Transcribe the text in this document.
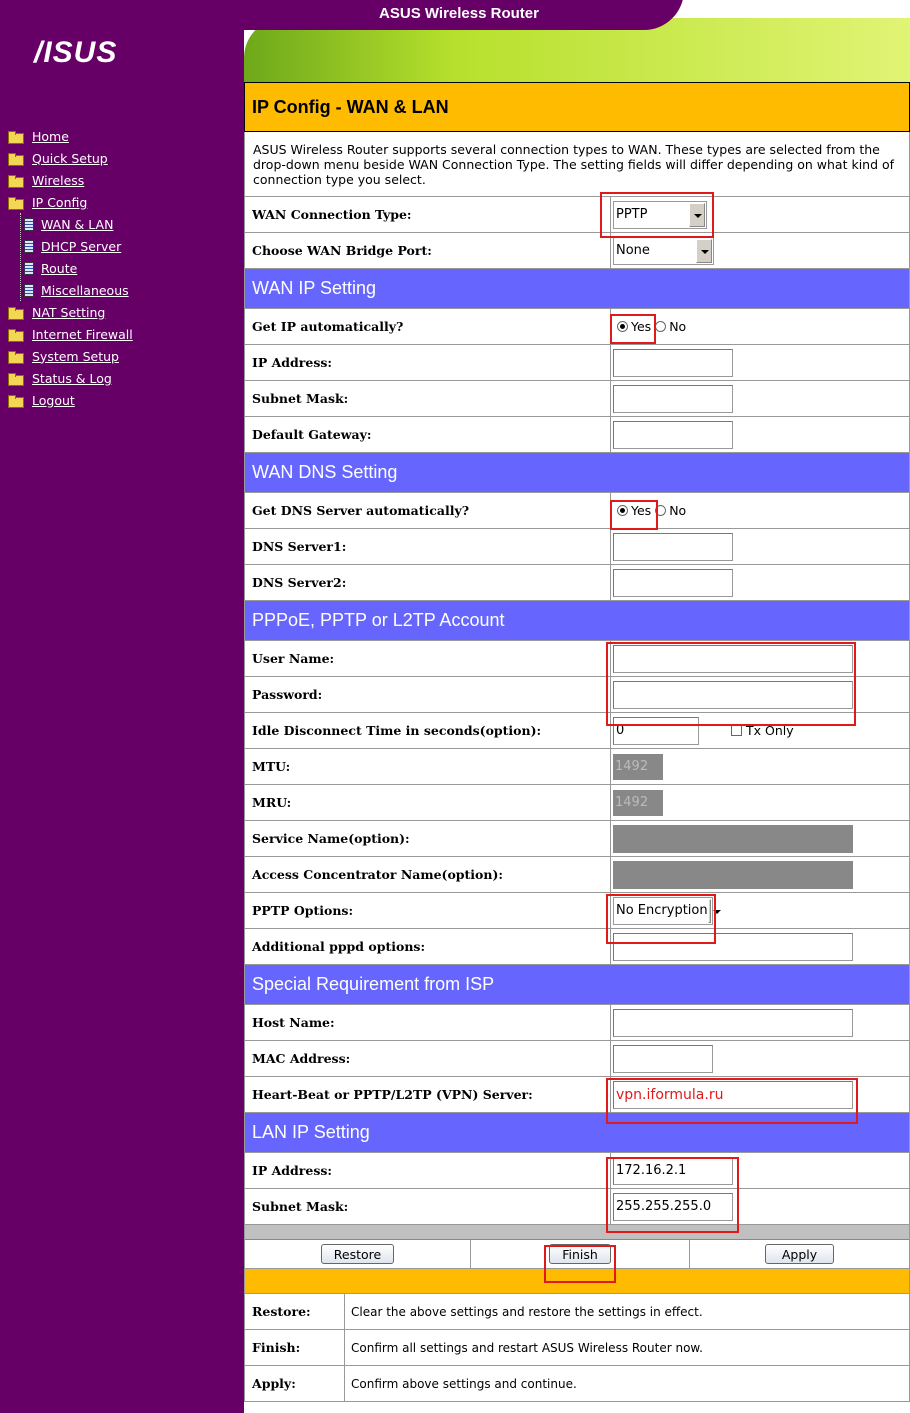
/ISUS
Home
Quick Setup
Wireless
IP Config
WAN & LAN
DHCP Server
Route
Miscellaneous
NAT Setting
Internet Firewall
System Setup
Status & Log
Logout
ASUS Wireless Router
IP Config - WAN & LAN
ASUS Wireless Router supports several connection types to WAN. These types are selected from the drop-down menu beside WAN Connection Type. The setting fields will differ depending on what kind of connection type you select.
WAN Connection Type:	PPTP
Choose WAN Bridge Port:	None
WAN IP Setting
Get IP automatically?	Yes No
IP Address:
Subnet Mask:
Default Gateway:
WAN DNS Setting
Get DNS Server automatically?	Yes No
DNS Server1:
DNS Server2:
PPPoE, PPTP or L2TP Account
User Name:
Password:
Idle Disconnect Time in seconds(option):	0	Tx Only
MTU:	1492
MRU:	1492
Service Name(option):
Access Concentrator Name(option):
PPTP Options:	No Encryption
Additional pppd options:
Special Requirement from ISP
Host Name:
MAC Address:
Heart-Beat or PPTP/L2TP (VPN) Server:	vpn.iformula.ru
LAN IP Setting
IP Address:	172.16.2.1
Subnet Mask:	255.255.255.0
Restore	Finish	Apply
Restore:	Clear the above settings and restore the settings in effect.
Finish:	Confirm all settings and restart ASUS Wireless Router now.
Apply:	Confirm above settings and continue.
